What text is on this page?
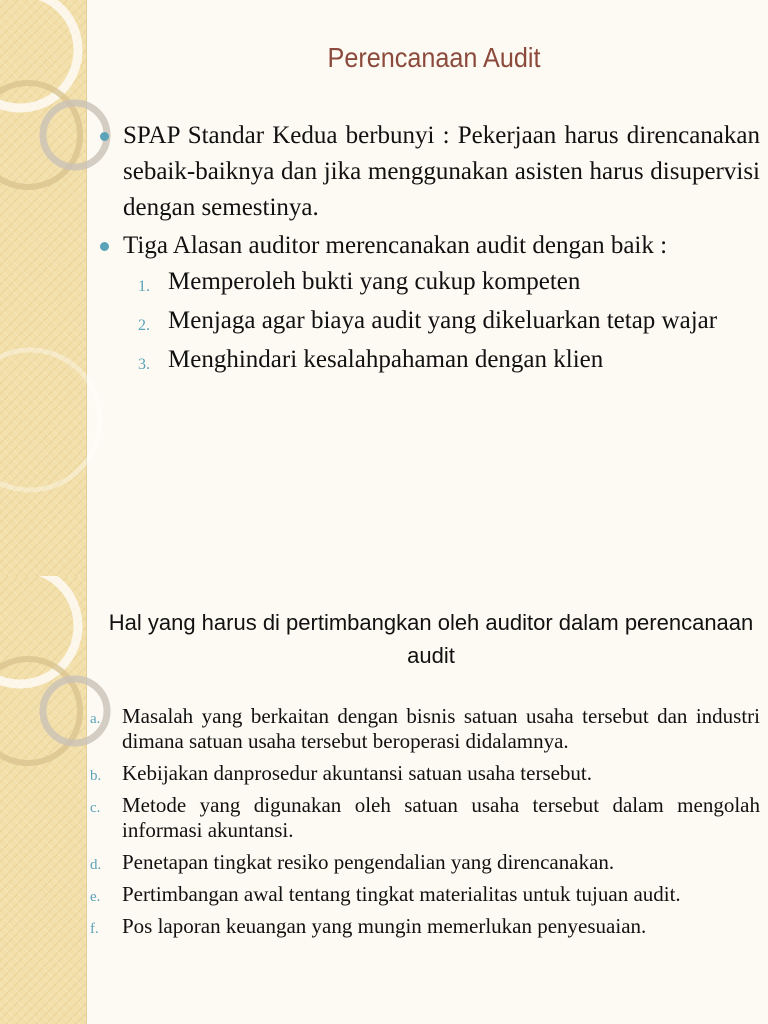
Perencanaan Audit
SPAP Standar Kedua berbunyi : Pekerjaan harus direncanakan sebaik-baiknya dan jika menggunakan asisten harus disupervisi dengan semestinya.
Tiga Alasan auditor merencanakan audit dengan baik :
1. Memperoleh bukti yang cukup kompeten
2. Menjaga agar biaya audit yang dikeluarkan tetap wajar
3. Menghindari kesalahpahaman dengan klien
Hal yang harus di pertimbangkan oleh auditor dalam perencanaan audit
a. Masalah yang berkaitan dengan bisnis satuan usaha tersebut dan industri dimana satuan usaha tersebut beroperasi didalamnya.
b. Kebijakan danprosedur akuntansi satuan usaha tersebut.
c. Metode yang digunakan oleh satuan usaha tersebut dalam mengolah informasi akuntansi.
d. Penetapan tingkat resiko pengendalian yang direncanakan.
e. Pertimbangan awal tentang tingkat materialitas untuk tujuan audit.
f. Pos laporan keuangan yang mungin memerlukan penyesuaian.
